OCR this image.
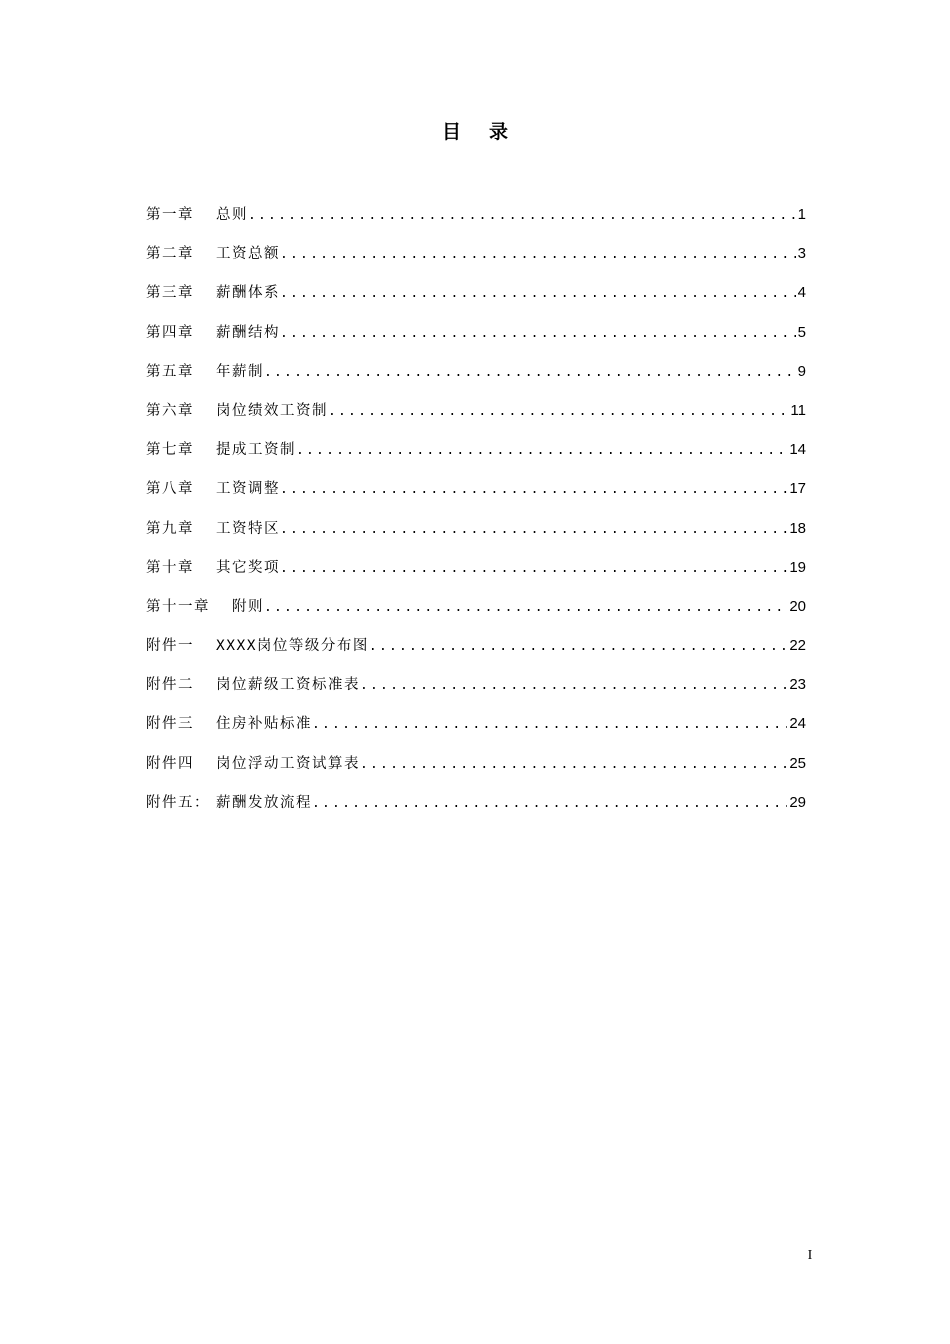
目 录
第一章	总则 .....	1
第二章	工资总额 .....	3
第三章	薪酬体系 .....	4
第四章	薪酬结构 .....	5
第五章	年薪制 .....	9
第六章	岗位绩效工资制 .....	11
第七章	提成工资制 .....	14
第八章	工资调整 .....	17
第九章	工资特区 .....	18
第十章	其它奖项 .....	19
第十一章	附则 .....	20
附件一	XXXX岗位等级分布图 .....	22
附件二	岗位薪级工资标准表 .....	23
附件三	住房补贴标准 .....	24
附件四	岗位浮动工资试算表 .....	25
附件五： 薪酬发放流程 .....	29
I
